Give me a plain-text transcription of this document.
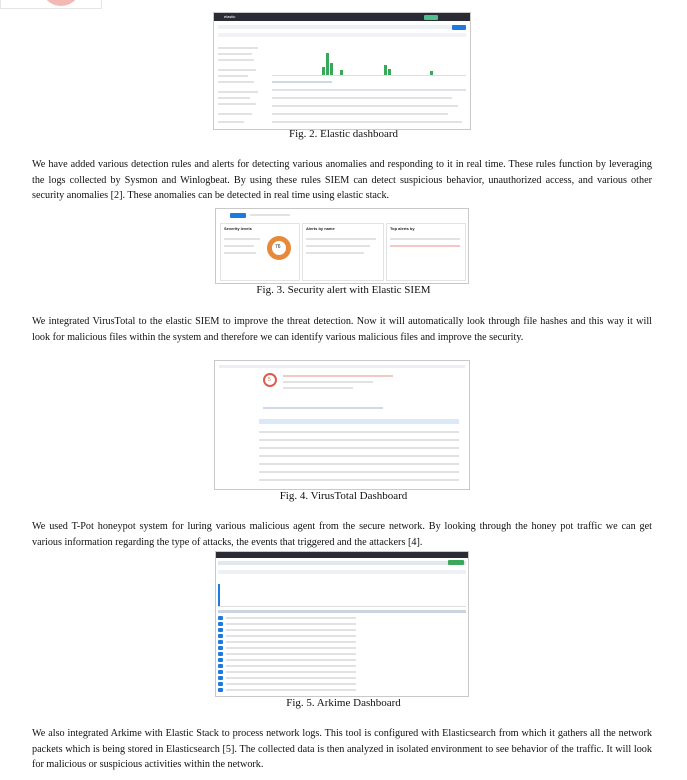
elastic
Fig. 2. Elastic dashboard

We have added various detection rules and alerts for detecting various anomalies and responding to it in real time. These rules function by leveraging the logs collected by Sysmon and Winlogbeat. By using these rules SIEM can detect suspicious behavior, unauthorized access, and various other security anomalies [2]. These anomalies can be detected in real time using elastic stack.

Severity levels
76
Alerts by name	Top alerts by
Fig. 3. Security alert with Elastic SIEM

We integrated VirusTotal to the elastic SIEM to improve the threat detection. Now it will automatically look through file hashes and this way it will look for malicious files within the system and therefore we can identify various malicious files and improve the security.

5
Fig. 4. VirusTotal Dashboard

We used T-Pot honeypot system for luring various malicious agent from the secure network. By looking through the honey pot traffic we can get various information regarding the type of attacks, the events that triggered and the attackers [4].

Fig. 5. Arkime Dashboard

We also integrated Arkime with Elastic Stack to process network logs. This tool is configured with Elasticsearch from which it gathers all the network packets which is being stored in Elasticsearch [5]. The collected data is then analyzed in isolated environment to see behavior of the traffic. It will look for malicious or suspicious activities within the network.
